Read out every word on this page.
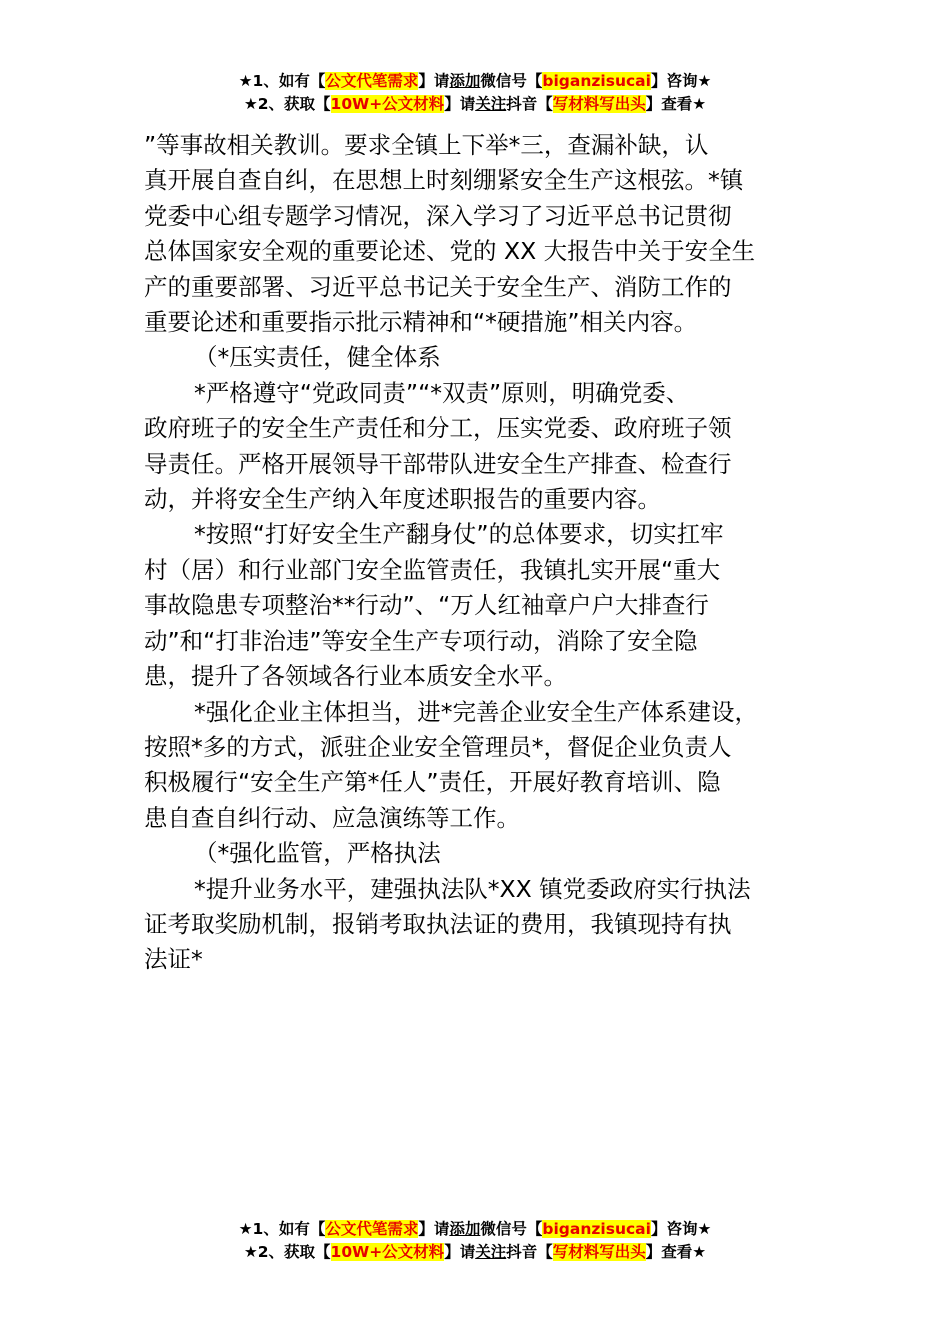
★1、如有【公文代笔需求】请添加微信号【biganzisucai】咨询★
★2、获取【10W+公文材料】请关注抖音【写材料写出头】查看★

”等事故相关教训。要求全镇上下举*三，查漏补缺，认

真开展自查自纠，在思想上时刻绷紧安全生产这根弦。*镇

党委中心组专题学习情况，深入学习了习近平总书记贯彻

总体国家安全观的重要论述、党的 XX 大报告中关于安全生

产的重要部署、习近平总书记关于安全生产、消防工作的

重要论述和重要指示批示精神和“*硬措施”相关内容。

（*压实责任，健全体系

*严格遵守“党政同责”“*双责”原则，明确党委、

政府班子的安全生产责任和分工，压实党委、政府班子领

导责任。严格开展领导干部带队进安全生产排查、检查行

动，并将安全生产纳入年度述职报告的重要内容。

*按照“打好安全生产翻身仗”的总体要求，切实扛牢

村（居）和行业部门安全监管责任，我镇扎实开展“重大

事故隐患专项整治**行动”、“万人红袖章户户大排查行

动”和“打非治违”等安全生产专项行动，消除了安全隐

患，提升了各领域各行业本质安全水平。

*强化企业主体担当，进*完善企业安全生产体系建设，

按照*多的方式，派驻企业安全管理员*，督促企业负责人

积极履行“安全生产第*任人”责任，开展好教育培训、隐

患自查自纠行动、应急演练等工作。

（*强化监管，严格执法

*提升业务水平，建强执法队*XX 镇党委政府实行执法

证考取奖励机制，报销考取执法证的费用，我镇现持有执

法证*

★1、如有【公文代笔需求】请添加微信号【biganzisucai】咨询★
★2、获取【10W+公文材料】请关注抖音【写材料写出头】查看★
